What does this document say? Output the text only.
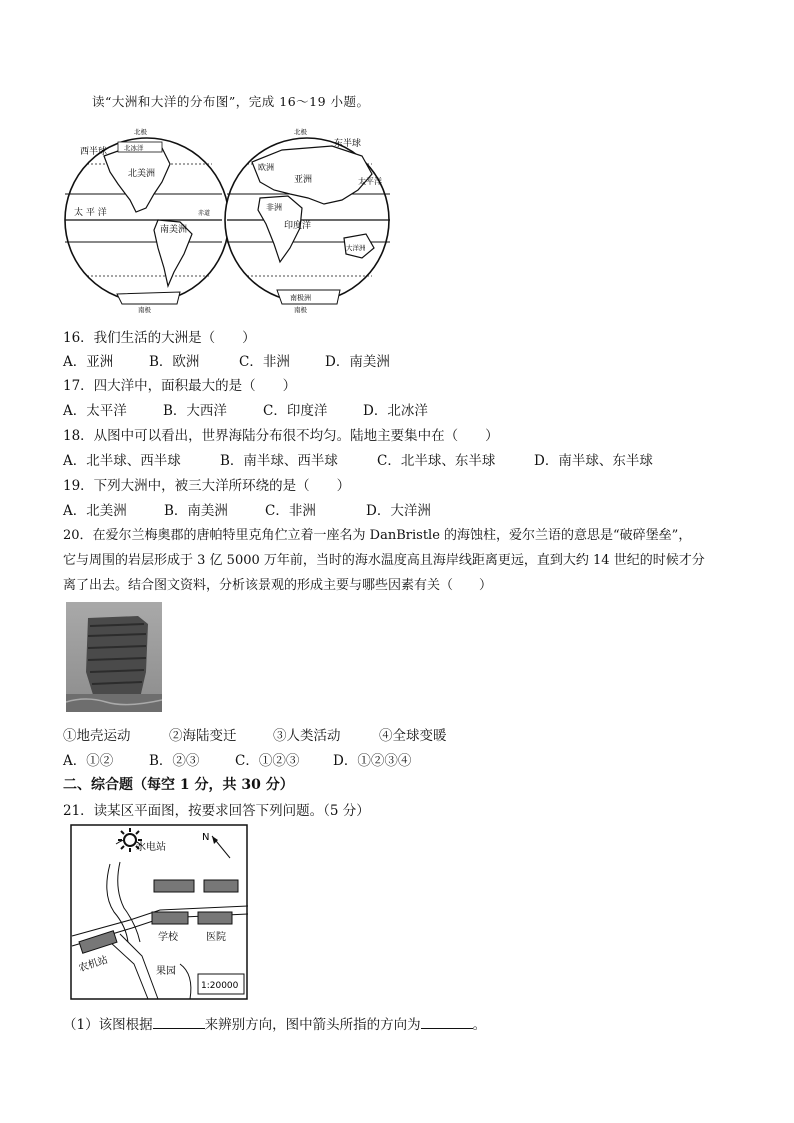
读“大洲和大洋的分布图”，完成 16～19 小题。
西半球
东半球
北极	北极
北冰洋
南极	南极
南极洲
北美洲
南美洲
太 平 洋	赤道
欧洲
亚洲
非洲
印度洋
大洋洲
太平洋
16．我们生活的大洲是（　　）
A．亚洲	B．欧洲	C．非洲	D．南美洲
17．四大洋中，面积最大的是（　　）
A．太平洋	B．大西洋	C．印度洋	D．北冰洋
18．从图中可以看出，世界海陆分布很不均匀。陆地主要集中在（　　）
A．北半球、西半球	B．南半球、西半球	C．北半球、东半球	D．南半球、东半球
19．下列大洲中，被三大洋所环绕的是（　　）
A．北美洲	B．南美洲	C．非洲	D．大洋洲
20．在爱尔兰梅奥郡的唐帕特里克角伫立着一座名为 DanBristle 的海蚀柱，爱尔兰语的意思是“破碎堡垒”，
它与周围的岩层形成于 3 亿 5000 万年前，当时的海水温度高且海岸线距离更远，直到大约 14 世纪的时候才分
离了出去。结合图文资料，分析该景观的形成主要与哪些因素有关（　　）
①地壳运动	②海陆变迁	③人类活动	④全球变暖
A．①②	B．②③	C．①②③ D．①②③④
二、综合题（每空 1 分，共 30 分）
21．读某区平面图，按要求回答下列问题。（5 分）
水电站
N
学校	医院
农机站	果园
1:20000
（1）该图根据	来辨别方向，图中箭头所指的方向为	。
